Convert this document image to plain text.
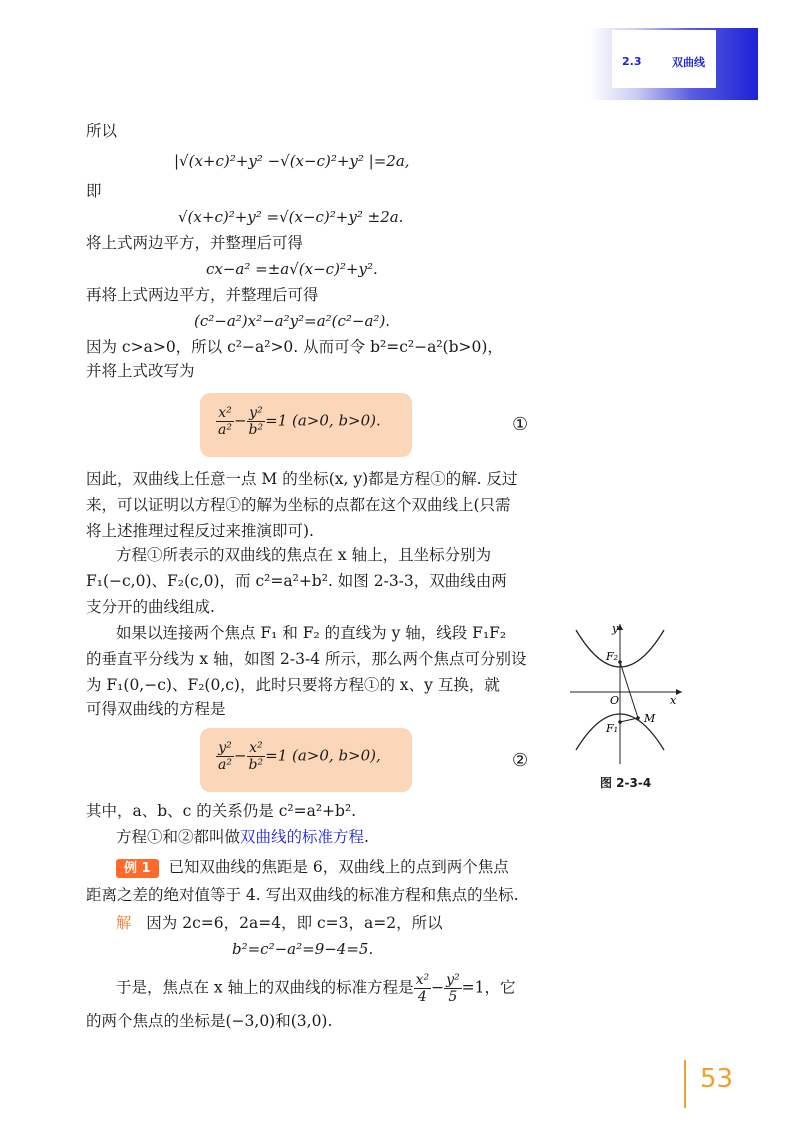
2.3	双曲线
所以
|√(x+c)²+y² −√(x−c)²+y² |=2a,
即
√(x+c)²+y² =√(x−c)²+y² ±2a.
将上式两边平方，并整理后可得
cx−a² =±a√(x−c)²+y².
再将上式两边平方，并整理后可得
(c²−a²)x²−a²y²=a²(c²−a²).
因为 c>a>0，所以 c²−a²>0. 从而可令 b²=c²−a²(b>0)，
并将上式改写为
$\frac{\text{x²}}{\text{a²}} - \frac{\text{y²}}{\text{b²}} =1$ (a>0, b>0).	①
因此，双曲线上任意一点 M 的坐标(x, y)都是方程①的解. 反过
来，可以证明以方程①的解为坐标的点都在这个双曲线上(只需
将上述推理过程反过来推演即可).
方程①所表示的双曲线的焦点在 x 轴上，且坐标分别为
F₁(−c,0)、F₂(c,0)，而 c²=a²+b². 如图 2-3-3，双曲线由两
支分开的曲线组成.
如果以连接两个焦点 F₁ 和 F₂ 的直线为 y 轴，线段 F₁F₂
的垂直平分线为 x 轴，如图 2-3-4 所示，那么两个焦点可分别设
为 F₁(0,−c)、F₂(0,c)，此时只要将方程①的 x、y 互换，就
可得双曲线的方程是
$\frac{\text{y²}}{\text{a²}} - \frac{\text{x²}}{\text{b²}} =1$ (a>0, b>0),	②
其中，a、b、c 的关系仍是 c²=a²+b².
方程①和②都叫做双曲线的标准方程.
例 1 已知双曲线的焦距是 6，双曲线上的点到两个焦点
距离之差的绝对值等于 4. 写出双曲线的标准方程和焦点的坐标.
解 因为 2c=6，2a=4，即 c=3，a=2，所以
b²=c²−a²=9−4=5.
于是，焦点在 x 轴上的双曲线的标准方程是 $\frac{\text{x²}}{4} - \frac{\text{y²}}{5} =1$，它
的两个焦点的坐标是(−3,0)和(3,0).
y
x
O
F₂
F₁
M
图 2-3-4
53
